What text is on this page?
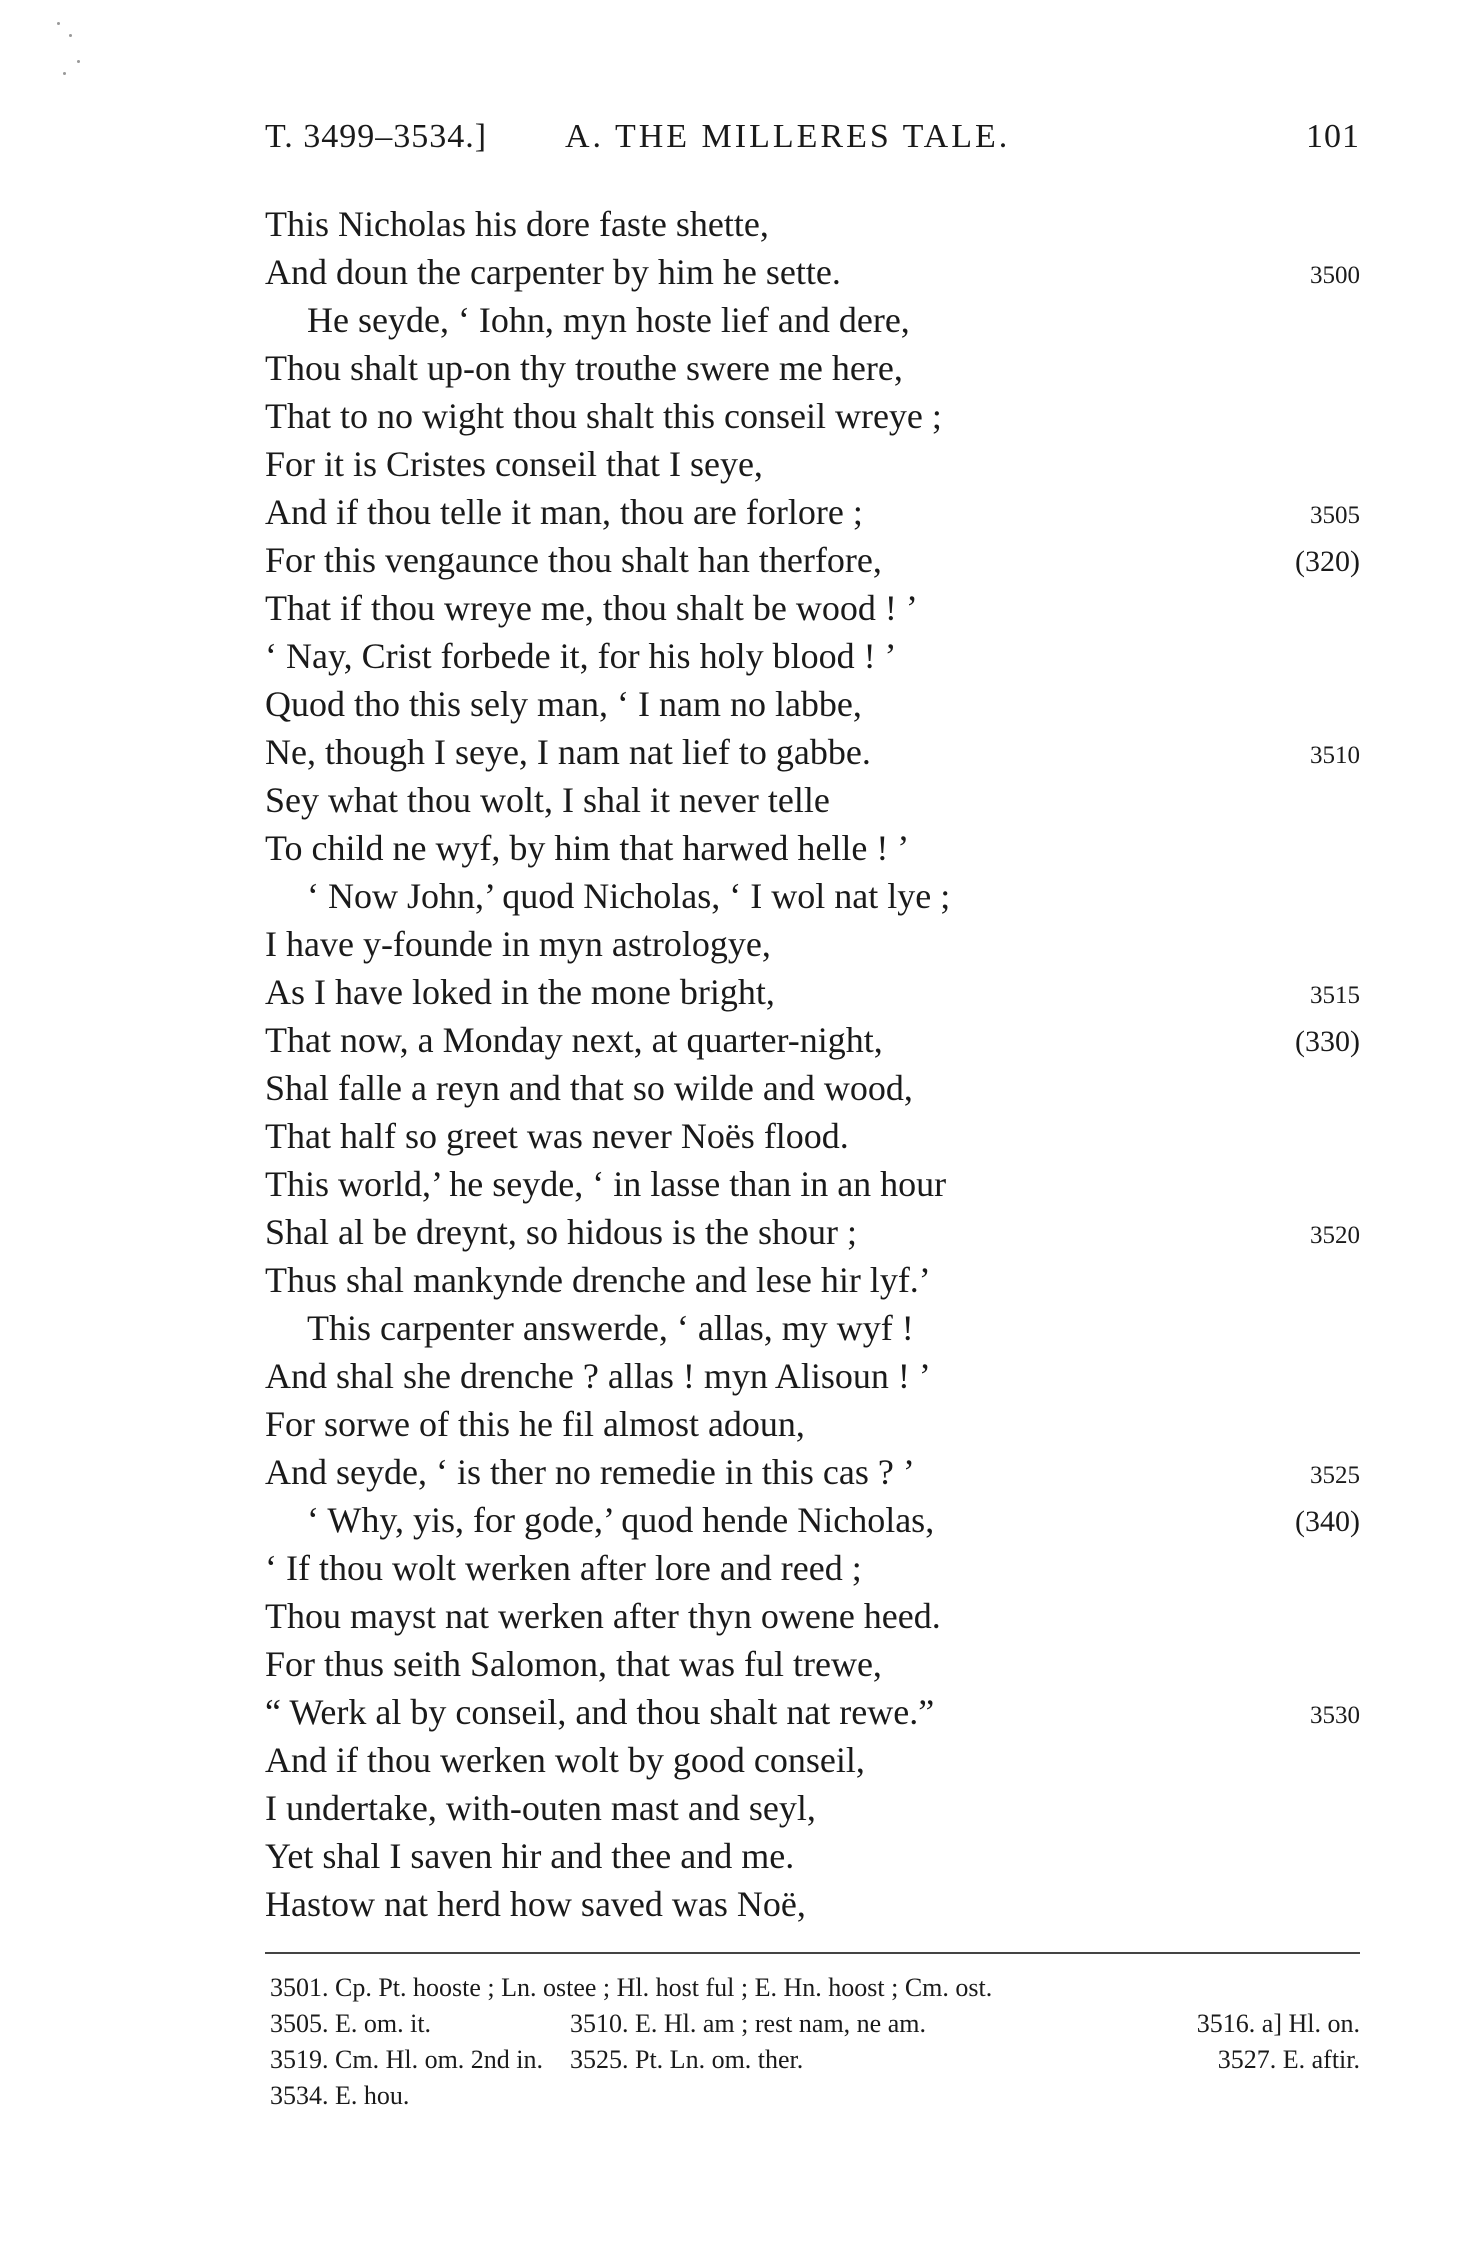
T. 3499–3534.] A. THE MILLERES TALE.	101
This Nicholas his dore faste shette,
And doun the carpenter by him he sette.	3500
He seyde, ‘ Iohn, myn hoste lief and dere,
Thou shalt up-on thy trouthe swere me here,
That to no wight thou shalt this conseil wreye ;
For it is Cristes conseil that I seye,
And if thou telle it man, thou are forlore ;	3505
For this vengaunce thou shalt han therfore,	(320)
That if thou wreye me, thou shalt be wood ! ’
‘ Nay, Crist forbede it, for his holy blood ! ’
Quod tho this sely man, ‘ I nam no labbe,
Ne, though I seye, I nam nat lief to gabbe.	3510
Sey what thou wolt, I shal it never telle
To child ne wyf, by him that harwed helle ! ’
‘ Now John,’ quod Nicholas, ‘ I wol nat lye ;
I have y-founde in myn astrologye,
As I have loked in the mone bright,	3515
That now, a Monday next, at quarter-night,	(330)
Shal falle a reyn and that so wilde and wood,
That half so greet was never Noës flood.
This world,’ he seyde, ‘ in lasse than in an hour
Shal al be dreynt, so hidous is the shour ;	3520
Thus shal mankynde drenche and lese hir lyf.’
This carpenter answerde, ‘ allas, my wyf !
And shal she drenche ? allas ! myn Alisoun ! ’
For sorwe of this he fil almost adoun,
And seyde, ‘ is ther no remedie in this cas ? ’	3525
‘ Why, yis, for gode,’ quod hende Nicholas,	(340)
‘ If thou wolt werken after lore and reed ;
Thou mayst nat werken after thyn owene heed.
For thus seith Salomon, that was ful trewe,
“ Werk al by conseil, and thou shalt nat rewe.”	3530
And if thou werken wolt by good conseil,
I undertake, with-outen mast and seyl,
Yet shal I saven hir and thee and me.
Hastow nat herd how saved was Noë,
3501. Cp. Pt. hooste ; Ln. ostee ; Hl. host ful ; E. Hn. hoost ; Cm. ost.
3505. E. om. it.	3510. E. Hl. am ; rest nam, ne am.	3516. a] Hl. on.
3519. Cm. Hl. om. 2nd in. 3525. Pt. Ln. om. ther.	3527. E. aftir.
3534. E. hou.
